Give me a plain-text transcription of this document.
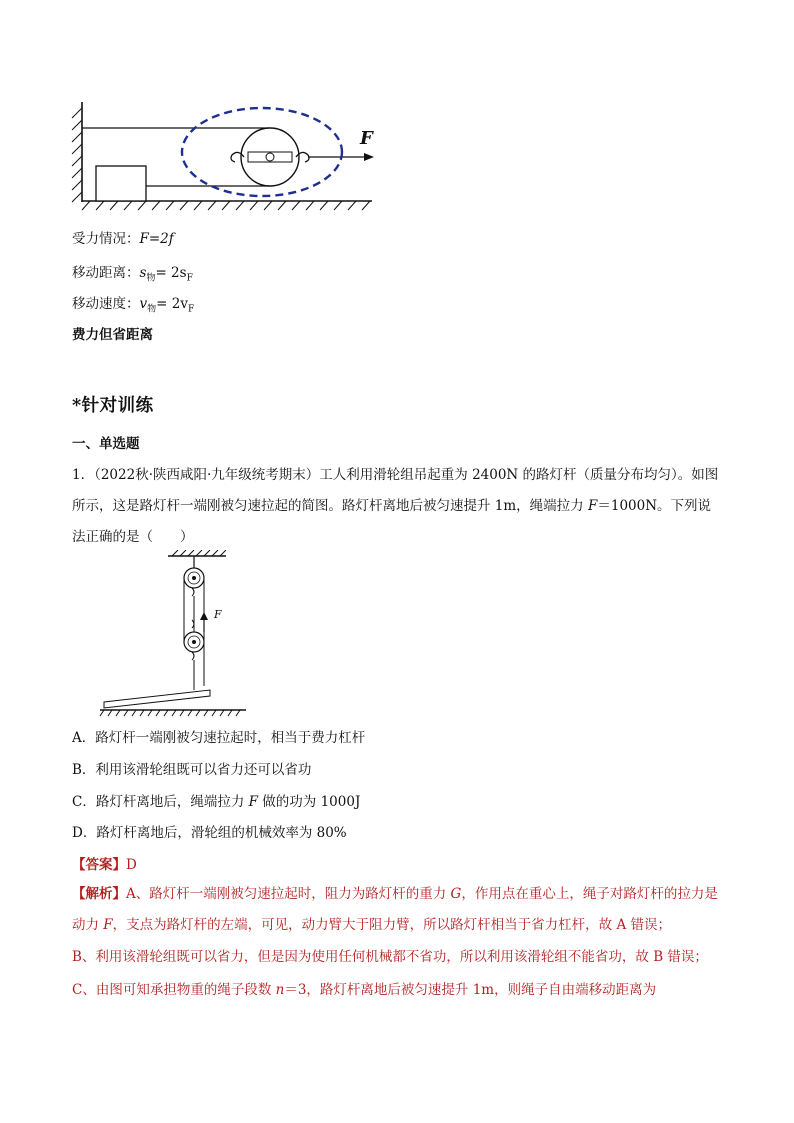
F
受力情况：F=2f
移动距离：$s_物= 2s_F$
移动速度：$v_物= 2v_F$
费力但省距离
*针对训练
一、单选题
1．（2022秋·陕西咸阳·九年级统考期末）工人利用滑轮组吊起重为 2400N 的路灯杆（质量分布均匀）。如图所示，这是路灯杆一端刚被匀速拉起的简图。路灯杆离地后被匀速提升 1m，绳端拉力 F＝1000N。下列说法正确的是（　　）
F
A．路灯杆一端刚被匀速拉起时，相当于费力杠杆
B．利用该滑轮组既可以省力还可以省功
C．路灯杆离地后，绳端拉力 F 做的功为 1000J
D．路灯杆离地后，滑轮组的机械效率为 80%
【答案】D
【解析】A、路灯杆一端刚被匀速拉起时，阻力为路灯杆的重力 G，作用点在重心上，绳子对路灯杆的拉力是动力 F，支点为路灯杆的左端，可见，动力臂大于阻力臂，所以路灯杆相当于省力杠杆，故 A 错误；
B、利用该滑轮组既可以省力，但是因为使用任何机械都不省功，所以利用该滑轮组不能省功，故 B 错误；
C、由图可知承担物重的绳子段数 n＝3，路灯杆离地后被匀速提升 1m，则绳子自由端移动距离为
